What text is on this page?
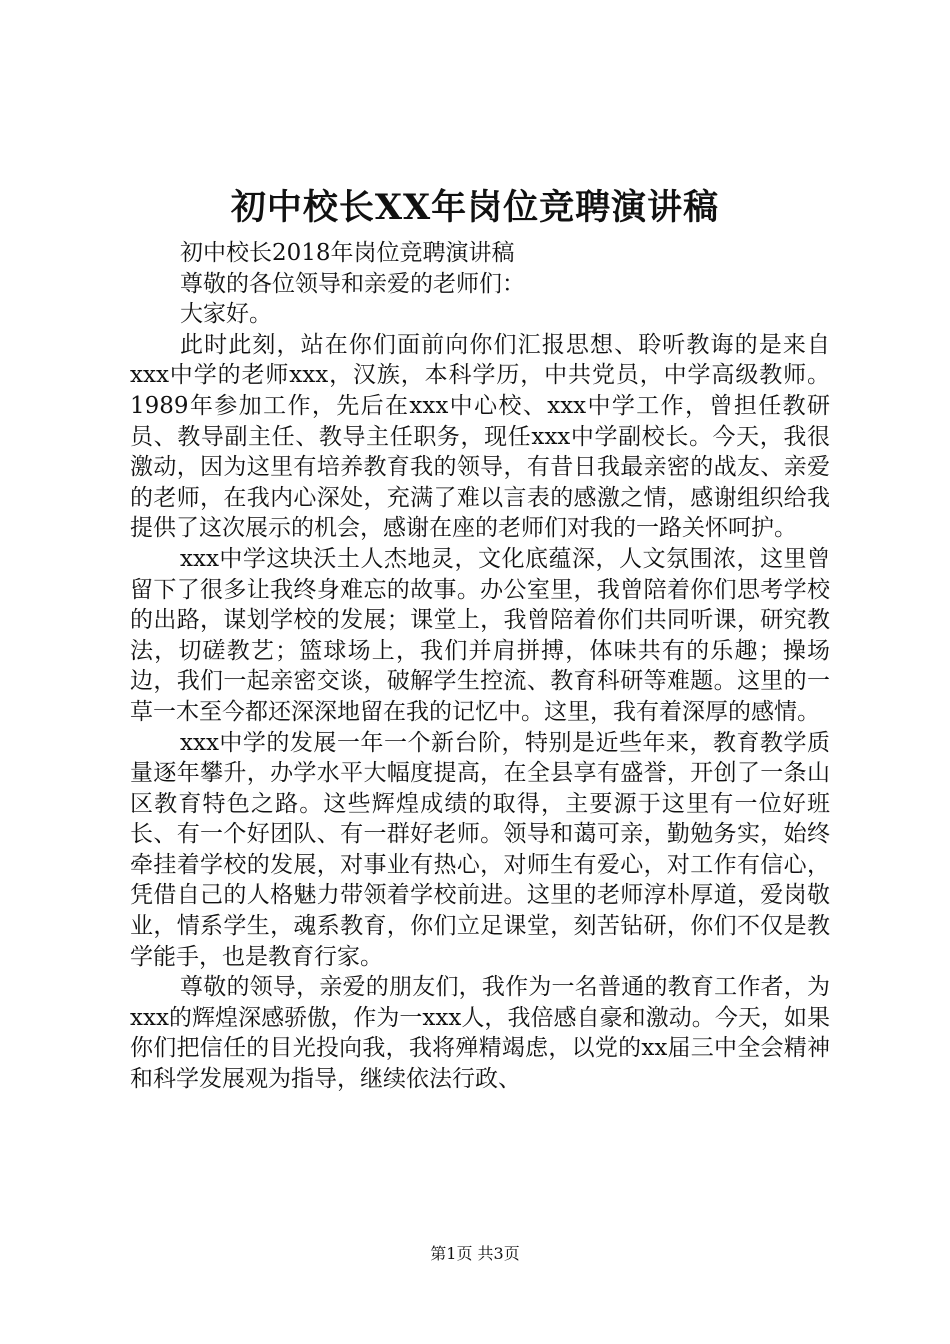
初中校长XX年岗位竞聘演讲稿

初中校长2018年岗位竞聘演讲稿

尊敬的各位领导和亲爱的老师们：

大家好。

此时此刻，站在你们面前向你们汇报思想、聆听教诲的是来自xxx中学的老师xxx，汉族，本科学历，中共党员，中学高级教师。1989年参加工作，先后在xxx中心校、xxx中学工作，曾担任教研员、教导副主任、教导主任职务，现任xxx中学副校长。今天，我很激动，因为这里有培养教育我的领导，有昔日我最亲密的战友、亲爱的老师，在我内心深处，充满了难以言表的感激之情，感谢组织给我提供了这次展示的机会，感谢在座的老师们对我的一路关怀呵护。

xxx中学这块沃土人杰地灵，文化底蕴深，人文氛围浓，这里曾留下了很多让我终身难忘的故事。办公室里，我曾陪着你们思考学校的出路，谋划学校的发展；课堂上，我曾陪着你们共同听课，研究教法，切磋教艺；篮球场上，我们并肩拼搏，体味共有的乐趣；操场边，我们一起亲密交谈，破解学生控流、教育科研等难题。这里的一草一木至今都还深深地留在我的记忆中。这里，我有着深厚的感情。

xxx中学的发展一年一个新台阶，特别是近些年来，教育教学质量逐年攀升，办学水平大幅度提高，在全县享有盛誉，开创了一条山区教育特色之路。这些辉煌成绩的取得，主要源于这里有一位好班长、有一个好团队、有一群好老师。领导和蔼可亲，勤勉务实，始终牵挂着学校的发展，对事业有热心，对师生有爱心，对工作有信心，凭借自己的人格魅力带领着学校前进。这里的老师淳朴厚道，爱岗敬业，情系学生，魂系教育，你们立足课堂，刻苦钻研，你们不仅是教学能手，也是教育行家。

尊敬的领导，亲爱的朋友们，我作为一名普通的教育工作者，为xxx的辉煌深感骄傲，作为一xxx人，我倍感自豪和激动。今天，如果你们把信任的目光投向我，我将殚精竭虑，以党的xx届三中全会精神和科学发展观为指导，继续依法行政、

第1页 共3页
